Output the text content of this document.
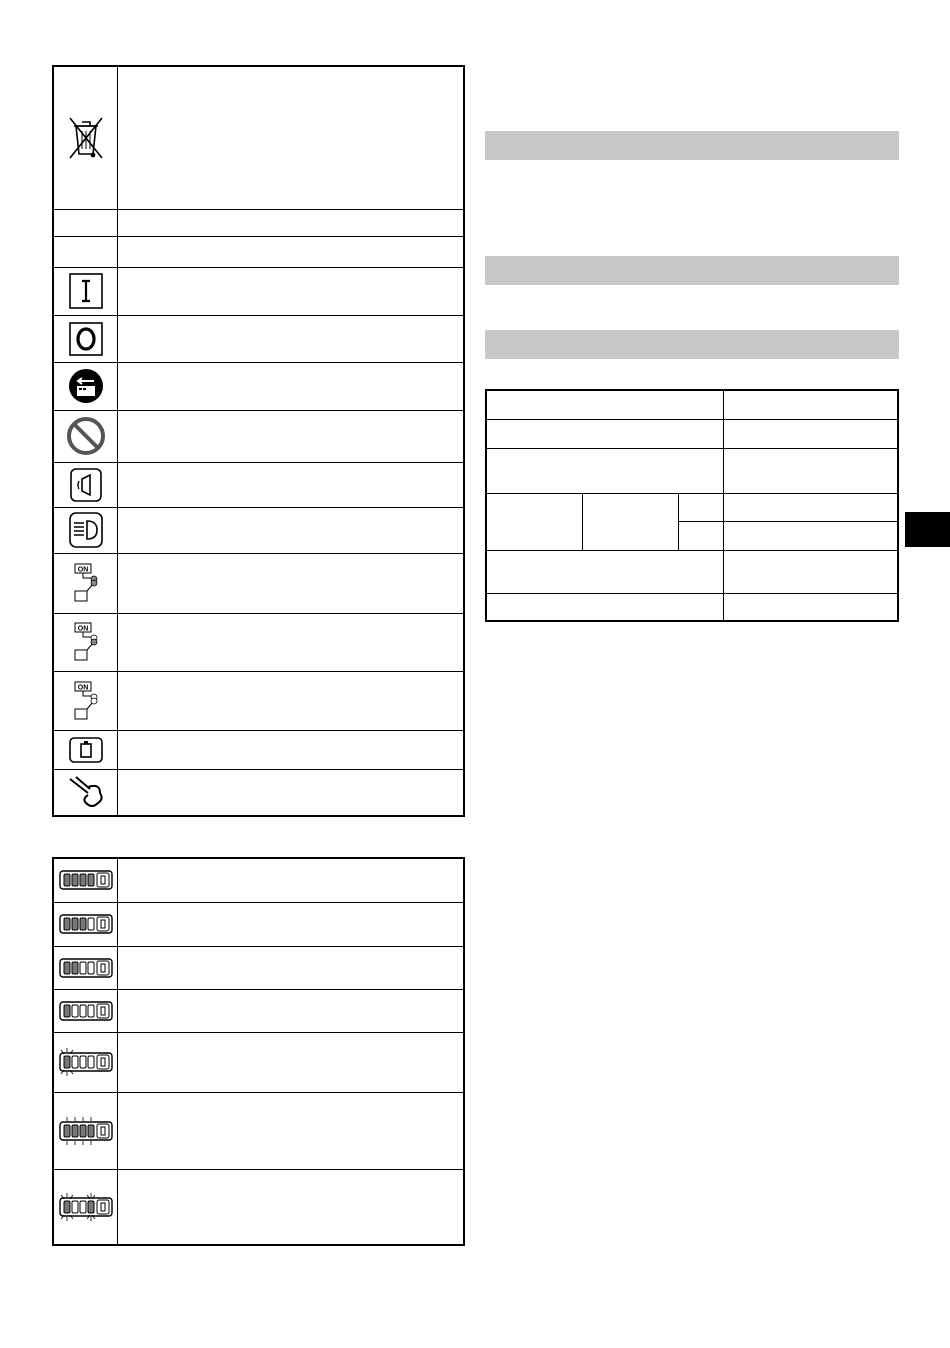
ON	

ON	

ON	
